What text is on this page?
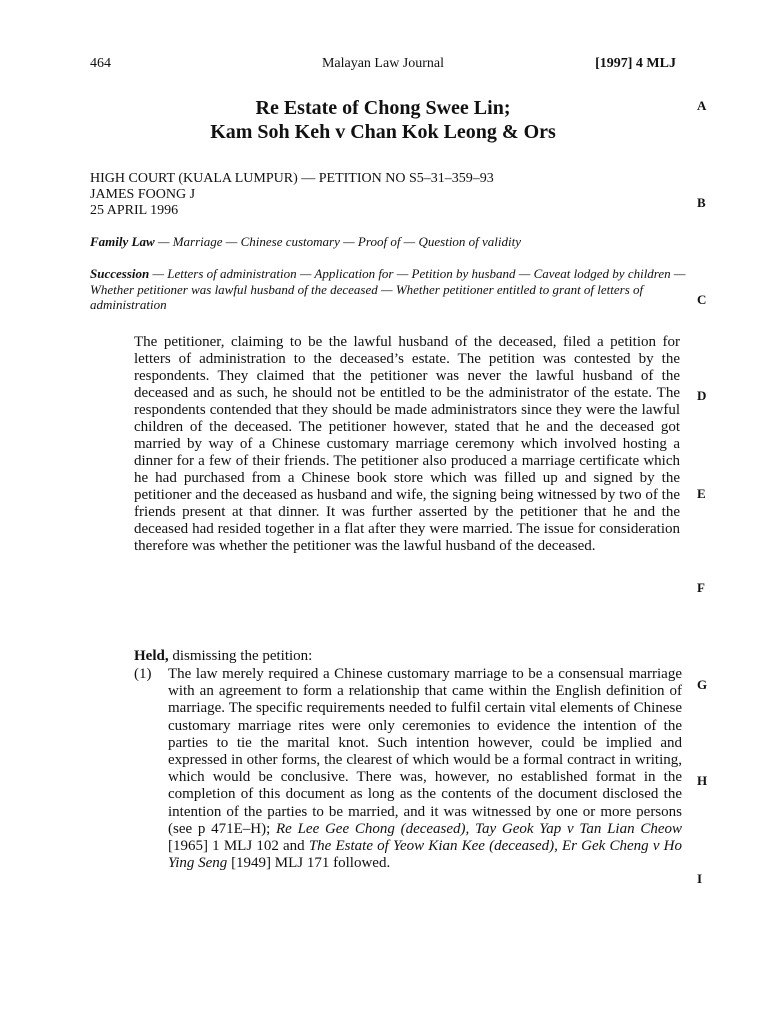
464	Malayan Law Journal	[1997] 4 MLJ
Re Estate of Chong Swee Lin;
Kam Soh Keh v Chan Kok Leong & Ors
HIGH COURT (KUALA LUMPUR) — PETITION NO S5–31–359–93
JAMES FOONG J
25 APRIL 1996
Family Law — Marriage — Chinese customary — Proof of — Question of validity
Succession — Letters of administration — Application for — Petition by husband — Caveat lodged by children — Whether petitioner was lawful husband of the deceased — Whether petitioner entitled to grant of letters of administration
The petitioner, claiming to be the lawful husband of the deceased, filed a petition for letters of administration to the deceased’s estate. The petition was contested by the respondents. They claimed that the petitioner was never the lawful husband of the deceased and as such, he should not be entitled to be the administrator of the estate. The respondents contended that they should be made administrators since they were the lawful children of the deceased. The petitioner however, stated that he and the deceased got married by way of a Chinese customary marriage ceremony which involved hosting a dinner for a few of their friends. The petitioner also produced a marriage certificate which he had purchased from a Chinese book store which was filled up and signed by the petitioner and the deceased as husband and wife, the signing being witnessed by two of the friends present at that dinner. It was further asserted by the petitioner that he and the deceased had resided together in a flat after they were married. The issue for consideration therefore was whether the petitioner was the lawful husband of the deceased.
Held, dismissing the petition:
(1) The law merely required a Chinese customary marriage to be a consensual marriage with an agreement to form a relationship that came within the English definition of marriage. The specific requirements needed to fulfil certain vital elements of Chinese customary marriage rites were only ceremonies to evidence the intention of the parties to tie the marital knot. Such intention however, could be implied and expressed in other forms, the clearest of which would be a formal contract in writing, which would be conclusive. There was, however, no established format in the completion of this document as long as the contents of the document disclosed the intention of the parties to be married, and it was witnessed by one or more persons (see p 471E–H); Re Lee Gee Chong (deceased), Tay Geok Yap v Tan Lian Cheow [1965] 1 MLJ 102 and The Estate of Yeow Kian Kee (deceased), Er Gek Cheng v Ho Ying Seng [1949] MLJ 171 followed.
A
B
C
D
E
F
G
H
I
